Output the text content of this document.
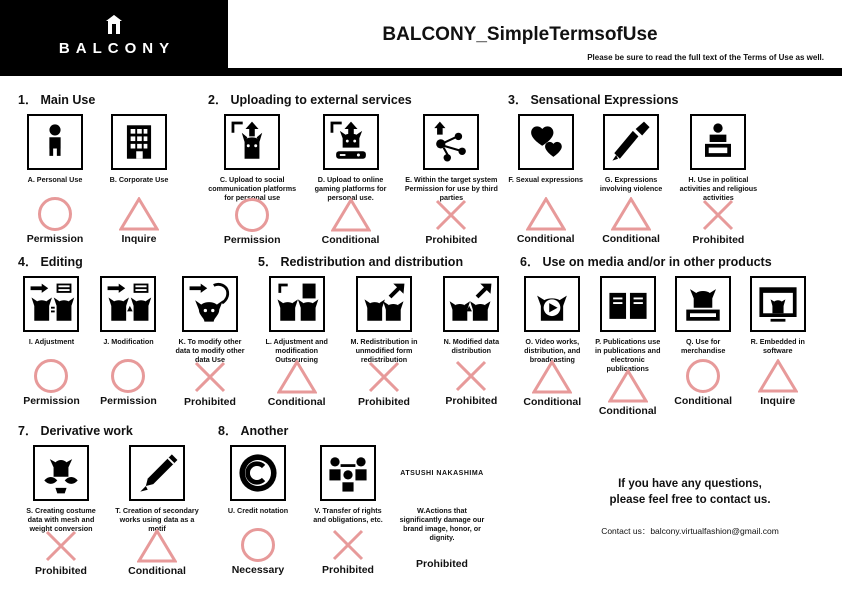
BALCONY
BALCONY_SimpleTermsofUse
Please be sure to read the full text of the Terms of Use as well.
1． Main Use
A. Personal Use
Permission
B. Corporate Use
Inquire
2． Uploading to external services
C. Upload to social communication platforms for personal use
Permission
D. Upload to online gaming platforms for personal use.
Conditional
E. Within the target system Permission for use by third parties
Prohibited
3． Sensational Expressions
F. Sexual expressions
Conditional
G. Expressions involving violence
Conditional
H. Use in political activities and religious activities
Prohibited
4． Editing
I. Adjustment
Permission
J. Modification
Permission
K. To modify other data to modify other data Use
Prohibited
5． Redistribution and distribution
L. Adjustment and modification Outsourcing
Conditional
M. Redistribution in unmodified form redistribution
Prohibited
N. Modified data distribution
Prohibited
6． Use on media and/or in other products
O. Video works, distribution, and broadcasting
Conditional
P. Publications use in publications and electronic publications
Conditional
Q. Use for merchandise
Conditional
R. Embedded in software
Inquire
7． Derivative work
S. Creating costume data with mesh and weight conversion
Prohibited
T. Creation of secondary works using data as a motif
Conditional
8． Another
U. Credit notation
Necessary
V. Transfer of rights and obligations, etc.
Prohibited
ATSUSHI NAKASHIMA
W.Actions that significantly damage our brand image, honor, or dignity.
Prohibited
If you have any questions,
please feel free to contact us.
Contact us：balcony.virtualfashion@gmail.com
